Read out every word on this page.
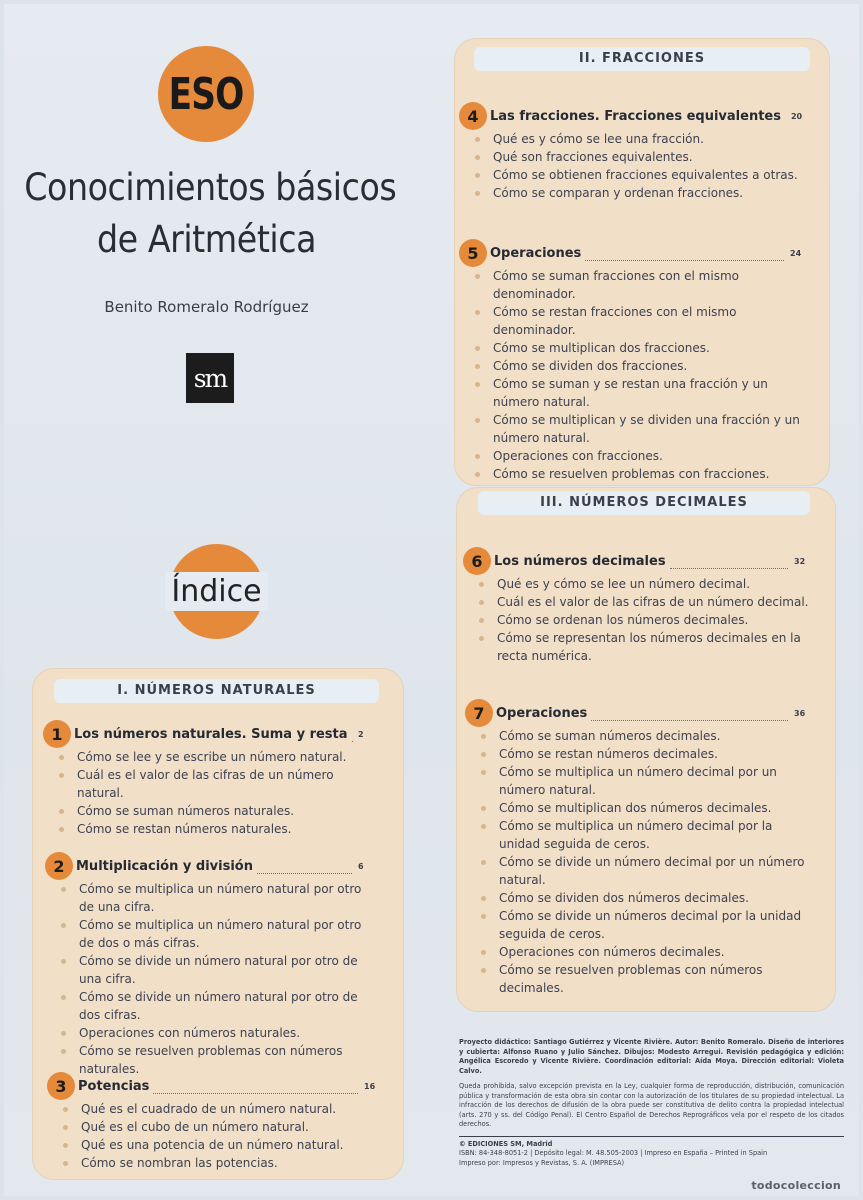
ESO
Conocimientos básicos
de Aritmética
Benito Romeralo Rodríguez
sm
Índice
I. NÚMEROS NATURALES
1 Los números naturales. Suma y resta	2
Cómo se lee y se escribe un número natural.
Cuál es el valor de las cifras de un número natural.
Cómo se suman números naturales.
Cómo se restan números naturales.
2 Multiplicación y división	6
Cómo se multiplica un número natural por otro de una cifra.
Cómo se multiplica un número natural por otro de dos o más cifras.
Cómo se divide un número natural por otro de una cifra.
Cómo se divide un número natural por otro de dos cifras.
Operaciones con números naturales.
Cómo se resuelven problemas con números naturales.
3 Potencias	16
Qué es el cuadrado de un número natural.
Qué es el cubo de un número natural.
Qué es una potencia de un número natural.
Cómo se nombran las potencias.
II. FRACCIONES
4 Las fracciones. Fracciones equivalentes	20
Qué es y cómo se lee una fracción.
Qué son fracciones equivalentes.
Cómo se obtienen fracciones equivalentes a otras.
Cómo se comparan y ordenan fracciones.
5 Operaciones	24
Cómo se suman fracciones con el mismo denominador.
Cómo se restan fracciones con el mismo denominador.
Cómo se multiplican dos fracciones.
Cómo se dividen dos fracciones.
Cómo se suman y se restan una fracción y un número natural.
Cómo se multiplican y se dividen una fracción y un número natural.
Operaciones con fracciones.
Cómo se resuelven problemas con fracciones.
III. NÚMEROS DECIMALES
6 Los números decimales	32
Qué es y cómo se lee un número decimal.
Cuál es el valor de las cifras de un número decimal.
Cómo se ordenan los números decimales.
Cómo se representan los números decimales en la recta numérica.
7 Operaciones	36
Cómo se suman números decimales.
Cómo se restan números decimales.
Cómo se multiplica un número decimal por un número natural.
Cómo se multiplican dos números decimales.
Cómo se multiplica un número decimal por la unidad seguida de ceros.
Cómo se divide un número decimal por un número natural.
Cómo se dividen dos números decimales.
Cómo se divide un números decimal por la unidad seguida de ceros.
Operaciones con números decimales.
Cómo se resuelven problemas con números decimales.

Proyecto didáctico: Santiago Gutiérrez y Vicente Rivière. Autor: Benito Romeralo. Diseño de interiores y cubierta: Alfonso Ruano y Julio Sánchez. Dibujos: Modesto Arregui. Revisión pedagógica y edición: Angélica Escoredo y Vicente Rivière. Coordinación editorial: Aída Moya. Dirección editorial: Violeta Calvo.

Queda prohibida, salvo excepción prevista en la Ley, cualquier forma de reproducción, distribución, comunicación pública y transformación de esta obra sin contar con la autorización de los titulares de su propiedad intelectual. La infracción de los derechos de difusión de la obra puede ser constitutiva de delito contra la propiedad intelectual (arts. 270 y ss. del Código Penal). El Centro Español de Derechos Reprográficos vela por el respeto de los citados derechos.

© EDICIONES SM, Madrid
ISBN: 84-348-8051-2 | Depósito legal: M. 48.505-2003 | Impreso en España – Printed in Spain
Impreso por: Impresos y Revistas, S. A. (IMPRESA)
todocoleccion
